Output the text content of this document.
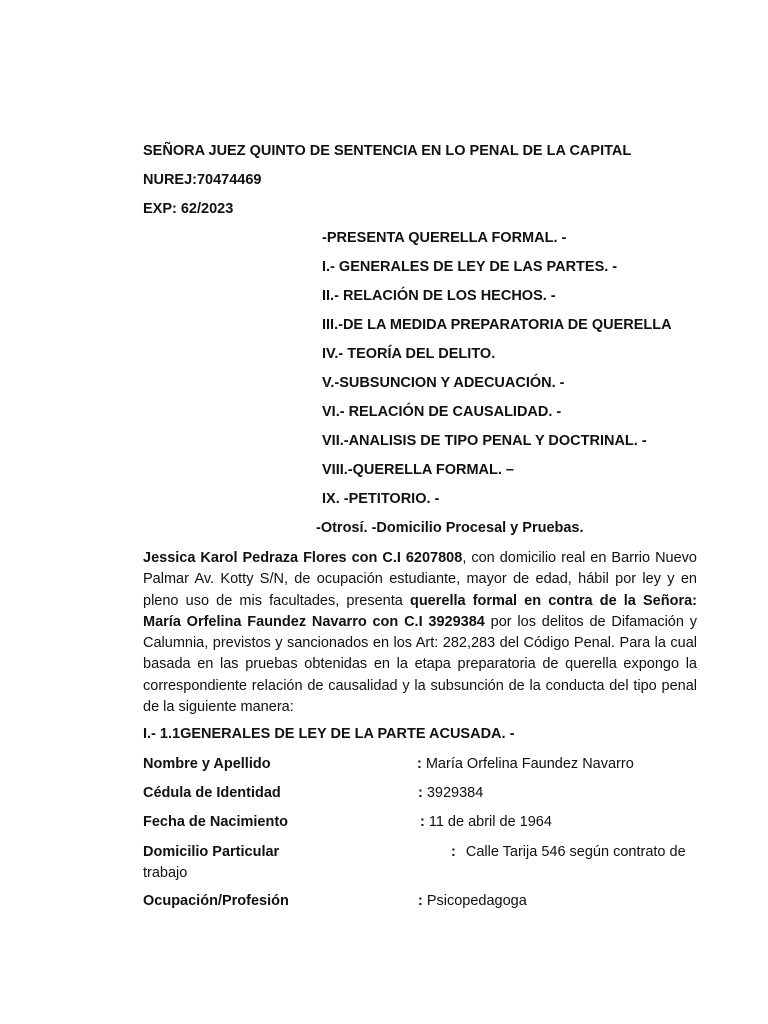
SEÑORA JUEZ QUINTO DE SENTENCIA EN LO PENAL DE LA CAPITAL
NUREJ:70474469
EXP: 62/2023
-PRESENTA QUERELLA FORMAL. -
I.- GENERALES DE LEY DE LAS PARTES. -
II.- RELACIÓN DE LOS HECHOS. -
III.-DE LA MEDIDA PREPARATORIA DE QUERELLA
IV.- TEORÍA DEL DELITO.
V.-SUBSUNCION Y ADECUACIÓN. -
VI.- RELACIÓN DE CAUSALIDAD. -
VII.-ANALISIS DE TIPO PENAL Y DOCTRINAL. -
VIII.-QUERELLA FORMAL. –
IX. -PETITORIO. -
-Otrosí. -Domicilio Procesal y Pruebas.
Jessica Karol Pedraza Flores con C.I 6207808, con domicilio real en Barrio Nuevo Palmar Av. Kotty S/N, de ocupación estudiante, mayor de edad, hábil por ley y en pleno uso de mis facultades, presenta querella formal en contra de la Señora: María Orfelina Faundez Navarro con C.I 3929384 por los delitos de Difamación y Calumnia, previstos y sancionados en los Art: 282,283 del Código Penal. Para la cual basada en las pruebas obtenidas en la etapa preparatoria de querella expongo la correspondiente relación de causalidad y la subsunción de la conducta del tipo penal de la siguiente manera:
I.- 1.1GENERALES DE LEY DE LA PARTE ACUSADA. -
Nombre y Apellido	: María Orfelina Faundez Navarro
Cédula de Identidad	: 3929384
Fecha de Nacimiento	: 11 de abril de 1964
Domicilio Particular	: Calle Tarija 546 según contrato de
trabajo
Ocupación/Profesión	: Psicopedagoga
